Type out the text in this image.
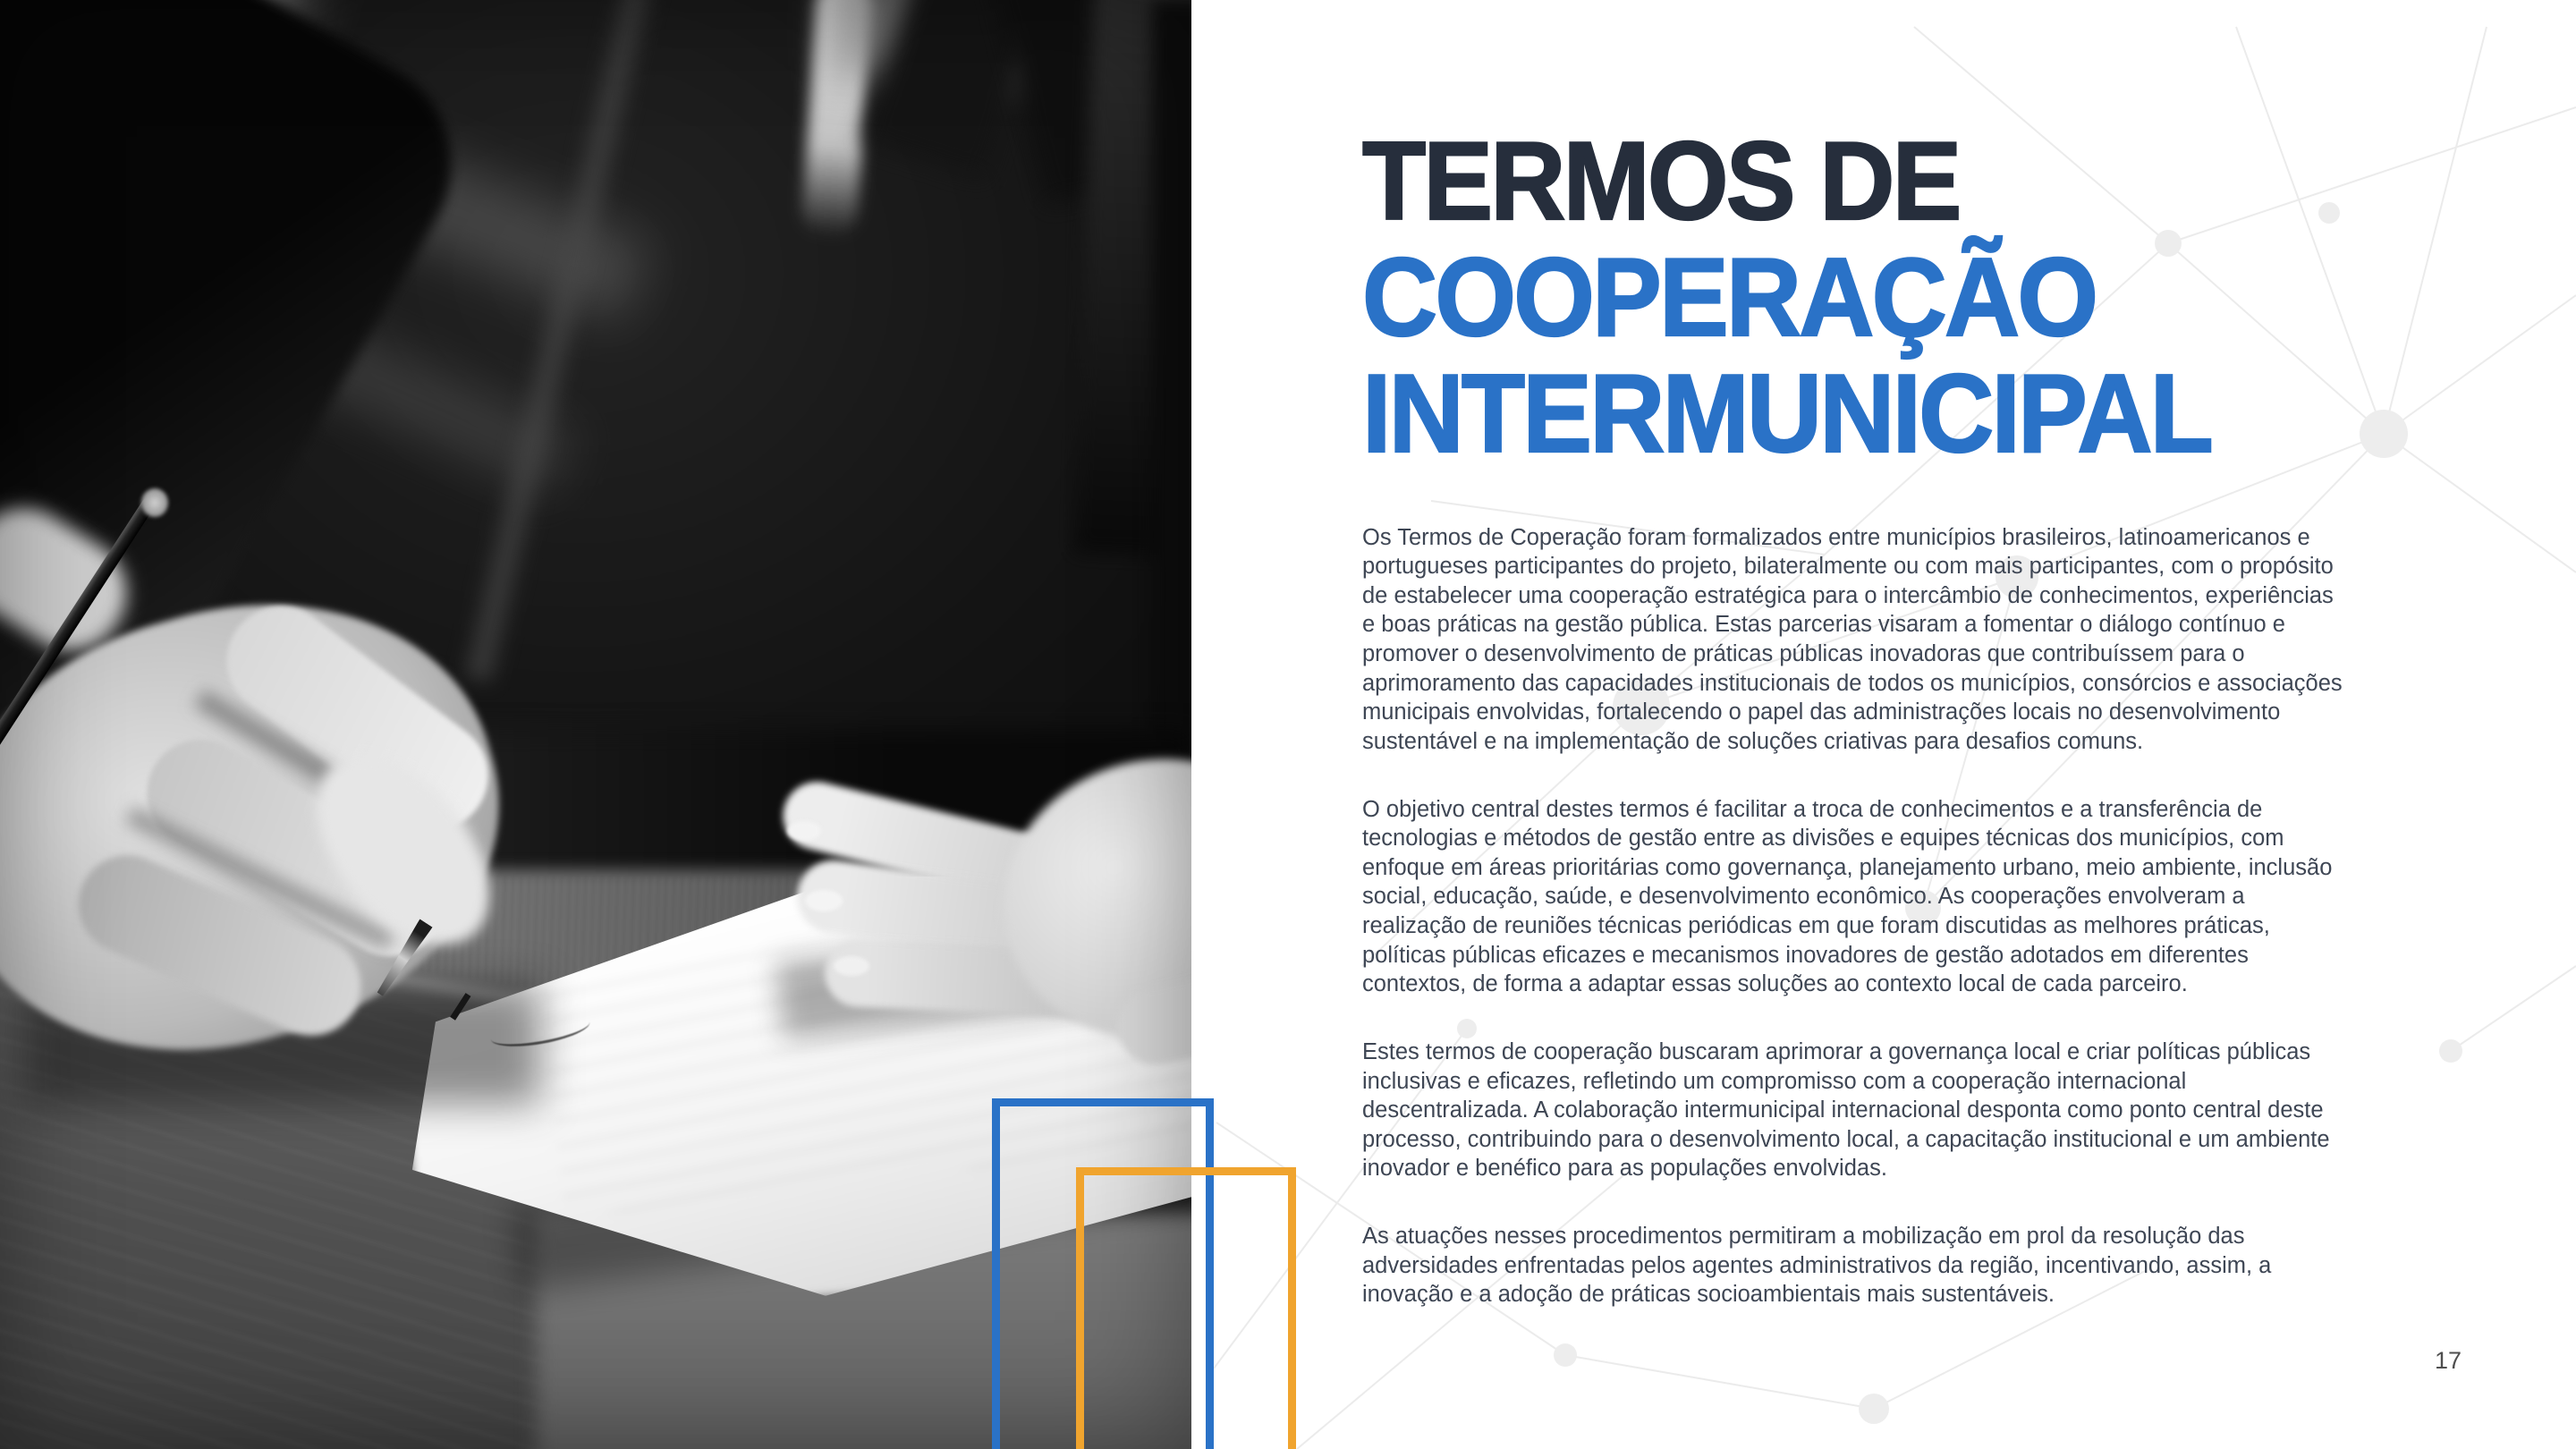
TERMOS DE
COOPERAÇÃO
INTERMUNICIPAL

Os Termos de Coperação foram formalizados entre municípios brasileiros, latinoamericanos e portugueses participantes do projeto, bilateralmente ou com mais participantes, com o propósito de estabelecer uma cooperação estratégica para o intercâmbio de conhecimentos, experiências e boas práticas na gestão pública. Estas parcerias visaram a fomentar o diálogo contínuo e promover o desenvolvimento de práticas públicas inovadoras que contribuíssem para o aprimoramento das capacidades institucionais de todos os municípios, consórcios e associações municipais envolvidas, fortalecendo o papel das administrações locais no desenvolvimento sustentável e na implementação de soluções criativas para desafios comuns.

O objetivo central destes termos é facilitar a troca de conhecimentos e a transferência de tecnologias e métodos de gestão entre as divisões e equipes técnicas dos municípios, com enfoque em áreas prioritárias como governança, planejamento urbano, meio ambiente, inclusão social, educação, saúde, e desenvolvimento econômico. As cooperações envolveram a realização de reuniões técnicas periódicas em que foram discutidas as melhores práticas, políticas públicas eficazes e mecanismos inovadores de gestão adotados em diferentes contextos, de forma a adaptar essas soluções ao contexto local de cada parceiro.

Estes termos de cooperação buscaram aprimorar a governança local e criar políticas públicas inclusivas e eficazes, refletindo um compromisso com a cooperação internacional descentralizada. A colaboração intermunicipal internacional desponta como ponto central deste processo, contribuindo para o desenvolvimento local, a capacitação institucional e um ambiente inovador e benéfico para as populações envolvidas.

As atuações nesses procedimentos permitiram a mobilização em prol da resolução das adversidades enfrentadas pelos agentes administrativos da região, incentivando, assim, a inovação e a adoção de práticas socioambientais mais sustentáveis.

17
